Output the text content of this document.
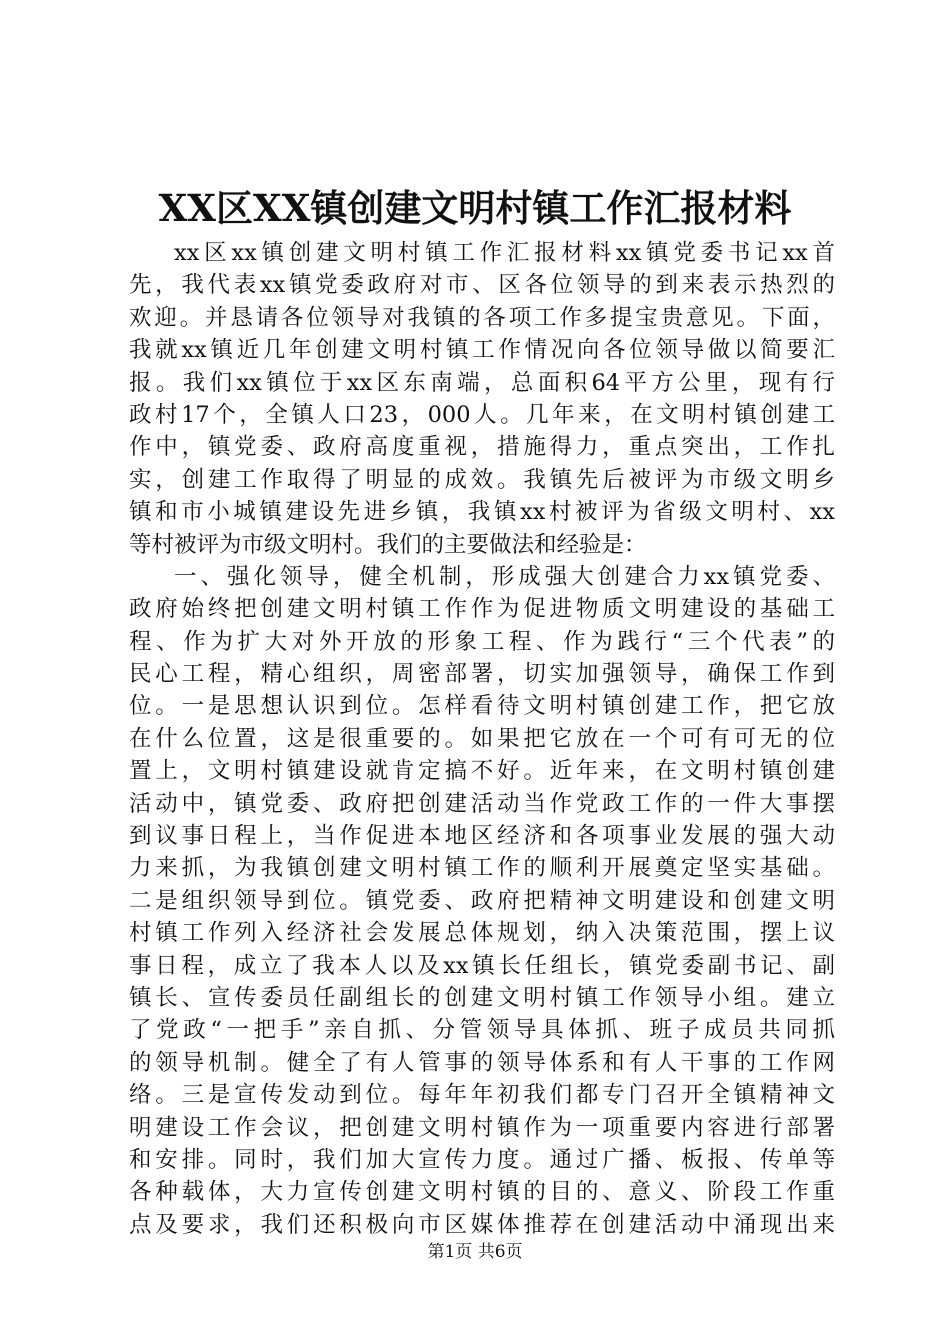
XX区XX镇创建文明村镇工作汇报材料
xx区xx镇创建文明村镇工作汇报材料xx镇党委书记xx首
先，我代表xx镇党委政府对市、区各位领导的到来表示热烈的
欢迎。并恳请各位领导对我镇的各项工作多提宝贵意见。下面，
我就xx镇近几年创建文明村镇工作情况向各位领导做以简要汇
报。我们xx镇位于xx区东南端，总面积64平方公里，现有行
政村17个，全镇人口23，000人。几年来，在文明村镇创建工
作中，镇党委、政府高度重视，措施得力，重点突出，工作扎
实，创建工作取得了明显的成效。我镇先后被评为市级文明乡
镇和市小城镇建设先进乡镇，我镇xx村被评为省级文明村、xx
等村被评为市级文明村。我们的主要做法和经验是：
一、强化领导，健全机制，形成强大创建合力xx镇党委、
政府始终把创建文明村镇工作作为促进物质文明建设的基础工
程、作为扩大对外开放的形象工程、作为践行“三个代表”的
民心工程，精心组织，周密部署，切实加强领导，确保工作到
位。一是思想认识到位。怎样看待文明村镇创建工作，把它放
在什么位置，这是很重要的。如果把它放在一个可有可无的位
置上，文明村镇建设就肯定搞不好。近年来，在文明村镇创建
活动中，镇党委、政府把创建活动当作党政工作的一件大事摆
到议事日程上，当作促进本地区经济和各项事业发展的强大动
力来抓，为我镇创建文明村镇工作的顺利开展奠定坚实基础。
二是组织领导到位。镇党委、政府把精神文明建设和创建文明
村镇工作列入经济社会发展总体规划，纳入决策范围，摆上议
事日程，成立了我本人以及xx镇长任组长，镇党委副书记、副
镇长、宣传委员任副组长的创建文明村镇工作领导小组。建立
了党政“一把手”亲自抓、分管领导具体抓、班子成员共同抓
的领导机制。健全了有人管事的领导体系和有人干事的工作网
络。三是宣传发动到位。每年年初我们都专门召开全镇精神文
明建设工作会议，把创建文明村镇作为一项重要内容进行部署
和安排。同时，我们加大宣传力度。通过广播、板报、传单等
各种载体，大力宣传创建文明村镇的目的、意义、阶段工作重
点及要求，我们还积极向市区媒体推荐在创建活动中涌现出来
第1页 共6页
